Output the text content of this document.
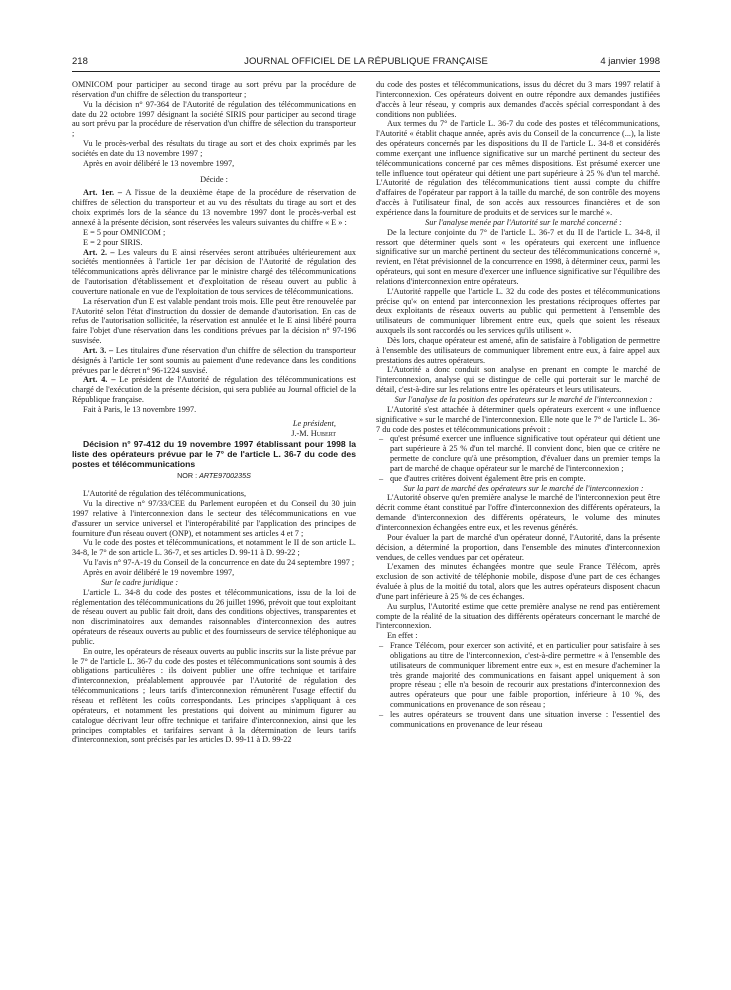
218	JOURNAL OFFICIEL DE LA RÉPUBLIQUE FRANÇAISE	4 janvier 1998

OMNICOM pour participer au second tirage au sort prévu par la procédure de réservation d'un chiffre de sélection du transporteur ;

Vu la décision n° 97-364 de l'Autorité de régulation des télécommunications en date du 22 octobre 1997 désignant la société SIRIS pour participer au second tirage au sort prévu par la procédure de réservation d'un chiffre de sélection du transporteur ;

Vu le procès-verbal des résultats du tirage au sort et des choix exprimés par les sociétés en date du 13 novembre 1997 ;

Après en avoir délibéré le 13 novembre 1997,

Décide :

Art. 1er. – A l'issue de la deuxième étape de la procédure de réservation de chiffres de sélection du transporteur et au vu des résultats du tirage au sort et des choix exprimés lors de la séance du 13 novembre 1997 dont le procès-verbal est annexé à la présente décision, sont réservées les valeurs suivantes du chiffre « E » :

E = 5 pour OMNICOM ;

E = 2 pour SIRIS.

Art. 2. – Les valeurs du E ainsi réservées seront attribuées ultérieurement aux sociétés mentionnées à l'article 1er par décision de l'Autorité de régulation des télécommunications après délivrance par le ministre chargé des télécommunications de l'autorisation d'établissement et d'exploitation de réseau ouvert au public à couverture nationale en vue de l'exploitation de tous services de télécommunications.

La réservation d'un E est valable pendant trois mois. Elle peut être renouvelée par l'Autorité selon l'état d'instruction du dossier de demande d'autorisation. En cas de refus de l'autorisation sollicitée, la réservation est annulée et le E ainsi libéré pourra faire l'objet d'une réservation dans les conditions prévues par la décision n° 97-196 susvisée.

Art. 3. – Les titulaires d'une réservation d'un chiffre de sélection du transporteur désignés à l'article 1er sont soumis au paiement d'une redevance dans les conditions prévues par le décret n° 96-1224 susvisé.

Art. 4. – Le président de l'Autorité de régulation des télécommunications est chargé de l'exécution de la présente décision, qui sera publiée au Journal officiel de la République française.

Fait à Paris, le 13 novembre 1997.

Le président,

J.-M. Hubert

Décision n° 97-412 du 19 novembre 1997 établissant pour 1998 la liste des opérateurs prévue par le 7° de l'article L. 36-7 du code des postes et télécommunications

NOR : ARTE9700235S

L'Autorité de régulation des télécommunications,

Vu la directive n° 97/33/CEE du Parlement européen et du Conseil du 30 juin 1997 relative à l'interconnexion dans le secteur des télécommunications en vue d'assurer un service universel et l'interopérabilité par l'application des principes de fourniture d'un réseau ouvert (ONP), et notamment ses articles 4 et 7 ;

Vu le code des postes et télécommunications, et notamment le II de son article L. 34-8, le 7° de son article L. 36-7, et ses articles D. 99-11 à D. 99-22 ;

Vu l'avis n° 97-A-19 du Conseil de la concurrence en date du 24 septembre 1997 ;

Après en avoir délibéré le 19 novembre 1997,

Sur le cadre juridique :

L'article L. 34-8 du code des postes et télécommunications, issu de la loi de réglementation des télécommunications du 26 juillet 1996, prévoit que tout exploitant de réseau ouvert au public fait droit, dans des conditions objectives, transparentes et non discriminatoires aux demandes raisonnables d'interconnexion des autres opérateurs de réseaux ouverts au public et des fournisseurs de service téléphonique au public.

En outre, les opérateurs de réseaux ouverts au public inscrits sur la liste prévue par le 7° de l'article L. 36-7 du code des postes et télécommunications sont soumis à des obligations particulières : ils doivent publier une offre technique et tarifaire d'interconnexion, préalablement approuvée par l'Autorité de régulation des télécommunications ; leurs tarifs d'interconnexion rémunèrent l'usage effectif du réseau et reflètent les coûts correspondants. Les principes s'appliquant à ces opérateurs, et notamment les prestations qui doivent au minimum figurer au catalogue décrivant leur offre technique et tarifaire d'interconnexion, ainsi que les principes comptables et tarifaires servant à la détermination de leurs tarifs d'interconnexion, sont précisés par les articles D. 99-11 à D. 99-22

du code des postes et télécommunications, issus du décret du 3 mars 1997 relatif à l'interconnexion. Ces opérateurs doivent en outre répondre aux demandes justifiées d'accès à leur réseau, y compris aux demandes d'accès spécial correspondant à des conditions non publiées.

Aux termes du 7° de l'article L. 36-7 du code des postes et télécommunications, l'Autorité « établit chaque année, après avis du Conseil de la concurrence (...), la liste des opérateurs concernés par les dispositions du II de l'article L. 34-8 et considérés comme exerçant une influence significative sur un marché pertinent du secteur des télécommunications concerné par ces mêmes dispositions. Est présumé exercer une telle influence tout opérateur qui détient une part supérieure à 25 % d'un tel marché. L'Autorité de régulation des télécommunications tient aussi compte du chiffre d'affaires de l'opérateur par rapport à la taille du marché, de son contrôle des moyens d'accès à l'utilisateur final, de son accès aux ressources financières et de son expérience dans la fourniture de produits et de services sur le marché ».

Sur l'analyse menée par l'Autorité sur le marché concerné :

De la lecture conjointe du 7° de l'article L. 36-7 et du II de l'article L. 34-8, il ressort que déterminer quels sont « les opérateurs qui exercent une influence significative sur un marché pertinent du secteur des télécommunications concerné », revient, en l'état prévisionnel de la concurrence en 1998, à déterminer ceux, parmi les opérateurs, qui sont en mesure d'exercer une influence significative sur l'équilibre des relations d'interconnexion entre opérateurs.

L'Autorité rappelle que l'article L. 32 du code des postes et télécommunications précise qu'« on entend par interconnexion les prestations réciproques offertes par deux exploitants de réseaux ouverts au public qui permettent à l'ensemble des utilisateurs de communiquer librement entre eux, quels que soient les réseaux auxquels ils sont raccordés ou les services qu'ils utilisent ».

Dès lors, chaque opérateur est amené, afin de satisfaire à l'obligation de permettre à l'ensemble des utilisateurs de communiquer librement entre eux, à faire appel aux prestations des autres opérateurs.

L'Autorité a donc conduit son analyse en prenant en compte le marché de l'interconnexion, analyse qui se distingue de celle qui porterait sur le marché de détail, c'est-à-dire sur les relations entre les opérateurs et leurs utilisateurs.

Sur l'analyse de la position des opérateurs sur le marché de l'interconnexion :

L'Autorité s'est attachée à déterminer quels opérateurs exercent « une influence significative » sur le marché de l'interconnexion. Elle note que le 7° de l'article L. 36-7 du code des postes et télécommunications prévoit :

– qu'est présumé exercer une influence significative tout opérateur qui détient une part supérieure à 25 % d'un tel marché. Il convient donc, bien que ce critère ne permette de conclure qu'à une présomption, d'évaluer dans un premier temps la part de marché de chaque opérateur sur le marché de l'interconnexion ;
– que d'autres critères doivent également être pris en compte.

Sur la part de marché des opérateurs sur le marché de l'interconnexion :

L'Autorité observe qu'en première analyse le marché de l'interconnexion peut être décrit comme étant constitué par l'offre d'interconnexion des différents opérateurs, la demande d'interconnexion des différents opérateurs, le volume des minutes d'interconnexion échangées entre eux, et les revenus générés.

Pour évaluer la part de marché d'un opérateur donné, l'Autorité, dans la présente décision, a déterminé la proportion, dans l'ensemble des minutes d'interconnexion vendues, de celles vendues par cet opérateur.

L'examen des minutes échangées montre que seule France Télécom, après exclusion de son activité de téléphonie mobile, dispose d'une part de ces échanges évaluée à plus de la moitié du total, alors que les autres opérateurs disposent chacun d'une part inférieure à 25 % de ces échanges.

Au surplus, l'Autorité estime que cette première analyse ne rend pas entièrement compte de la réalité de la situation des différents opérateurs concernant le marché de l'interconnexion.

En effet :

– France Télécom, pour exercer son activité, et en particulier pour satisfaire à ses obligations au titre de l'interconnexion, c'est-à-dire permettre « à l'ensemble des utilisateurs de communiquer librement entre eux », est en mesure d'acheminer la très grande majorité des communications en faisant appel uniquement à son propre réseau ; elle n'a besoin de recourir aux prestations d'interconnexion des autres opérateurs que pour une faible proportion, inférieure à 10 %, des communications en provenance de son réseau ;
– les autres opérateurs se trouvent dans une situation inverse : l'essentiel des communications en provenance de leur réseau
